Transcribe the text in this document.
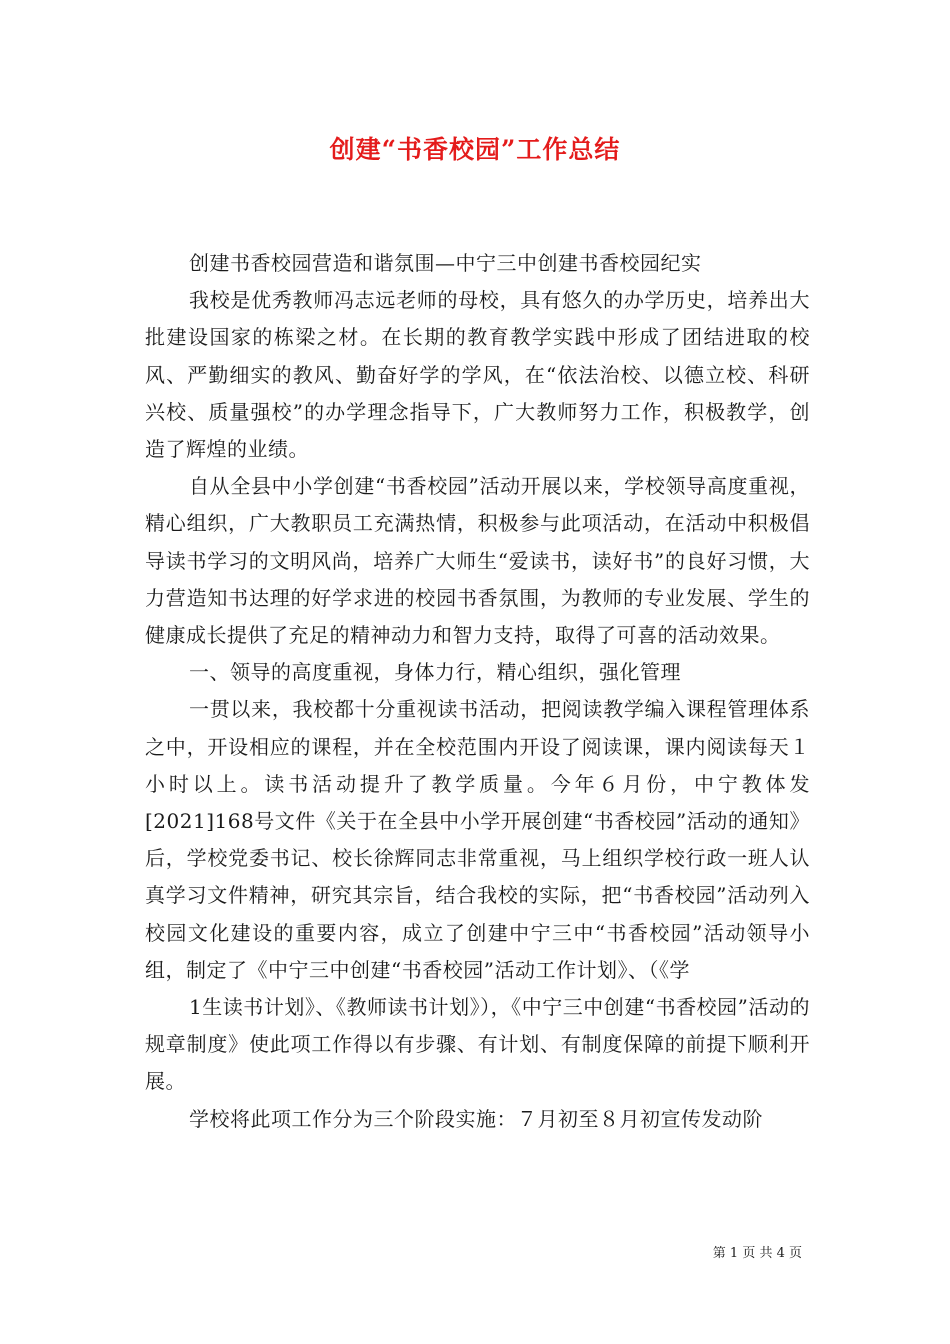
创建“书香校园”工作总结

创建书香校园营造和谐氛围—中宁三中创建书香校园纪实

我校是优秀教师冯志远老师的母校，具有悠久的办学历史，培养出大批建设国家的栋梁之材。在长期的教育教学实践中形成了团结进取的校风、严勤细实的教风、勤奋好学的学风，在“依法治校、以德立校、科研兴校、质量强校”的办学理念指导下，广大教师努力工作，积极教学，创造了辉煌的业绩。

自从全县中小学创建“书香校园”活动开展以来，学校领导高度重视，精心组织，广大教职员工充满热情，积极参与此项活动，在活动中积极倡导读书学习的文明风尚，培养广大师生“爱读书，读好书”的良好习惯，大力营造知书达理的好学求进的校园书香氛围，为教师的专业发展、学生的健康成长提供了充足的精神动力和智力支持，取得了可喜的活动效果。

一、领导的高度重视，身体力行，精心组织，强化管理

一贯以来，我校都十分重视读书活动，把阅读教学编入课程管理体系之中，开设相应的课程，并在全校范围内开设了阅读课，课内阅读每天１小时以上。读书活动提升了教学质量。今年６月份，中宁教体发[2021]168号文件《关于在全县中小学开展创建“书香校园”活动的通知》后，学校党委书记、校长徐辉同志非常重视，马上组织学校行政一班人认真学习文件精神，研究其宗旨，结合我校的实际，把“书香校园”活动列入校园文化建设的重要内容，成立了创建中宁三中“书香校园”活动领导小组，制定了《中宁三中创建“书香校园”活动工作计划》、（《学

1生读书计划》、《教师读书计划》），《中宁三中创建“书香校园”活动的规章制度》使此项工作得以有步骤、有计划、有制度保障的前提下顺利开展。

学校将此项工作分为三个阶段实施：７月初至８月初宣传发动阶

第 1 页 共 4 页
